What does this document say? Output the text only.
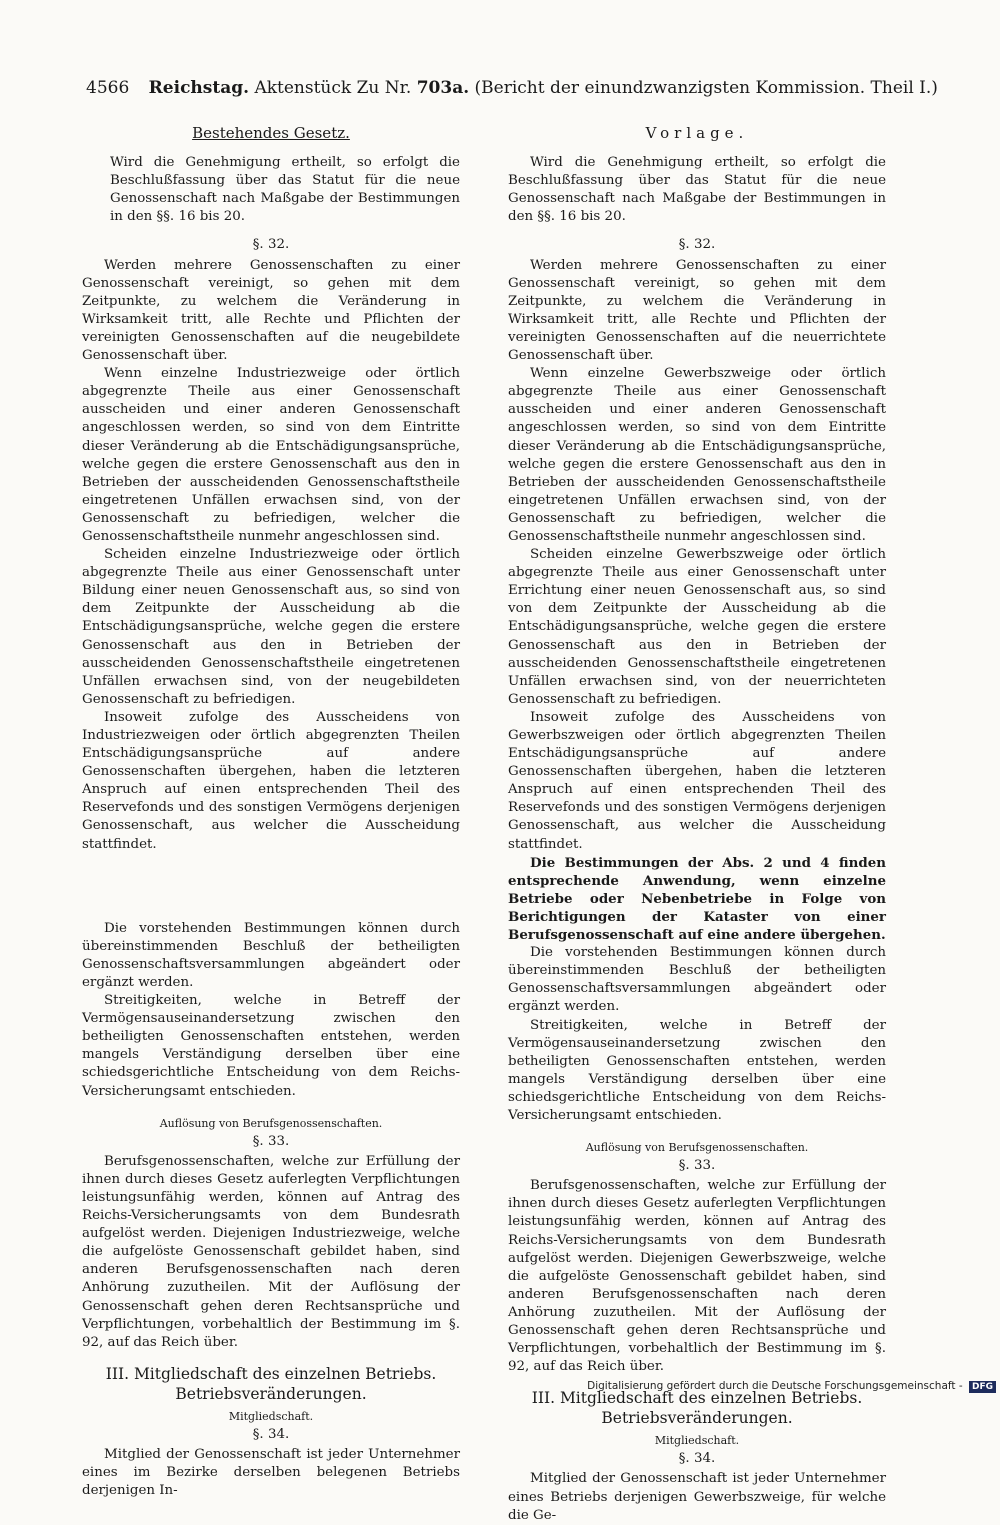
4566 Reichstag. Aktenstück Zu Nr. 703a. (Bericht der einundzwanzigsten Kommission. Theil I.)
Bestehendes Gesetz.

Wird die Genehmigung ertheilt, so erfolgt die Beschlußfassung über das Statut für die neue Genossenschaft nach Maßgabe der Bestimmungen in den §§. 16 bis 20.

§. 32.

Werden mehrere Genossenschaften zu einer Genossenschaft vereinigt, so gehen mit dem Zeitpunkte, zu welchem die Veränderung in Wirksamkeit tritt, alle Rechte und Pflichten der vereinigten Genossenschaften auf die neugebildete Genossenschaft über.

Wenn einzelne Industriezweige oder örtlich abgegrenzte Theile aus einer Genossenschaft ausscheiden und einer anderen Genossenschaft angeschlossen werden, so sind von dem Eintritte dieser Veränderung ab die Entschädigungsansprüche, welche gegen die erstere Genossenschaft aus den in Betrieben der ausscheidenden Genossenschaftstheile eingetretenen Unfällen erwachsen sind, von der Genossenschaft zu befriedigen, welcher die Genossenschaftstheile nunmehr angeschlossen sind.

Scheiden einzelne Industriezweige oder örtlich abgegrenzte Theile aus einer Genossenschaft unter Bildung einer neuen Genossenschaft aus, so sind von dem Zeitpunkte der Ausscheidung ab die Entschädigungsansprüche, welche gegen die erstere Genossenschaft aus den in Betrieben der ausscheidenden Genossenschaftstheile eingetretenen Unfällen erwachsen sind, von der neugebildeten Genossenschaft zu befriedigen.

Insoweit zufolge des Ausscheidens von Industriezweigen oder örtlich abgegrenzten Theilen Entschädigungsansprüche auf andere Genossenschaften übergehen, haben die letzteren Anspruch auf einen entsprechenden Theil des Reservefonds und des sonstigen Vermögens derjenigen Genossenschaft, aus welcher die Ausscheidung stattfindet.

Die vorstehenden Bestimmungen können durch übereinstimmenden Beschluß der betheiligten Genossenschaftsversammlungen abgeändert oder ergänzt werden.

Streitigkeiten, welche in Betreff der Vermögensauseinandersetzung zwischen den betheiligten Genossenschaften entstehen, werden mangels Verständigung derselben über eine schiedsgerichtliche Entscheidung von dem Reichs-Versicherungsamt entschieden.

Auflösung von Berufsgenossenschaften.
§. 33.

Berufsgenossenschaften, welche zur Erfüllung der ihnen durch dieses Gesetz auferlegten Verpflichtungen leistungsunfähig werden, können auf Antrag des Reichs-Versicherungsamts von dem Bundesrath aufgelöst werden. Diejenigen Industriezweige, welche die aufgelöste Genossenschaft gebildet haben, sind anderen Berufsgenossenschaften nach deren Anhörung zuzutheilen. Mit der Auflösung der Genossenschaft gehen deren Rechtsansprüche und Verpflichtungen, vorbehaltlich der Bestimmung im §. 92, auf das Reich über.

III. Mitgliedschaft des einzelnen Betriebs. Betriebsveränderungen.
Mitgliedschaft.
§. 34.

Mitglied der Genossenschaft ist jeder Unternehmer eines im Bezirke derselben belegenen Betriebs derjenigen In-

Vorlage.

Wird die Genehmigung ertheilt, so erfolgt die Beschlußfassung über das Statut für die neue Genossenschaft nach Maßgabe der Bestimmungen in den §§. 16 bis 20.

§. 32.

Werden mehrere Genossenschaften zu einer Genossenschaft vereinigt, so gehen mit dem Zeitpunkte, zu welchem die Veränderung in Wirksamkeit tritt, alle Rechte und Pflichten der vereinigten Genossenschaften auf die neuerrichtete Genossenschaft über.

Wenn einzelne Gewerbszweige oder örtlich abgegrenzte Theile aus einer Genossenschaft ausscheiden und einer anderen Genossenschaft angeschlossen werden, so sind von dem Eintritte dieser Veränderung ab die Entschädigungsansprüche, welche gegen die erstere Genossenschaft aus den in Betrieben der ausscheidenden Genossenschaftstheile eingetretenen Unfällen erwachsen sind, von der Genossenschaft zu befriedigen, welcher die Genossenschaftstheile nunmehr angeschlossen sind.

Scheiden einzelne Gewerbszweige oder örtlich abgegrenzte Theile aus einer Genossenschaft unter Errichtung einer neuen Genossenschaft aus, so sind von dem Zeitpunkte der Ausscheidung ab die Entschädigungsansprüche, welche gegen die erstere Genossenschaft aus den in Betrieben der ausscheidenden Genossenschaftstheile eingetretenen Unfällen erwachsen sind, von der neuerrichteten Genossenschaft zu befriedigen.

Insoweit zufolge des Ausscheidens von Gewerbszweigen oder örtlich abgegrenzten Theilen Entschädigungsansprüche auf andere Genossenschaften übergehen, haben die letzteren Anspruch auf einen entsprechenden Theil des Reservefonds und des sonstigen Vermögens derjenigen Genossenschaft, aus welcher die Ausscheidung stattfindet.

Die Bestimmungen der Abs. 2 und 4 finden entsprechende Anwendung, wenn einzelne Betriebe oder Nebenbetriebe in Folge von Berichtigungen der Kataster von einer Berufsgenossenschaft auf eine andere übergehen.

Die vorstehenden Bestimmungen können durch übereinstimmenden Beschluß der betheiligten Genossenschaftsversammlungen abgeändert oder ergänzt werden.

Streitigkeiten, welche in Betreff der Vermögensauseinandersetzung zwischen den betheiligten Genossenschaften entstehen, werden mangels Verständigung derselben über eine schiedsgerichtliche Entscheidung von dem Reichs-Versicherungsamt entschieden.

Auflösung von Berufsgenossenschaften.
§. 33.

Berufsgenossenschaften, welche zur Erfüllung der ihnen durch dieses Gesetz auferlegten Verpflichtungen leistungsunfähig werden, können auf Antrag des Reichs-Versicherungsamts von dem Bundesrath aufgelöst werden. Diejenigen Gewerbszweige, welche die aufgelöste Genossenschaft gebildet haben, sind anderen Berufsgenossenschaften nach deren Anhörung zuzutheilen. Mit der Auflösung der Genossenschaft gehen deren Rechtsansprüche und Verpflichtungen, vorbehaltlich der Bestimmung im §. 92, auf das Reich über.

III. Mitgliedschaft des einzelnen Betriebs. Betriebsveränderungen.
Mitgliedschaft.
§. 34.

Mitglied der Genossenschaft ist jeder Unternehmer eines Betriebs derjenigen Gewerbszweige, für welche die Ge-

Digitalisierung gefördert durch die Deutsche Forschungsgemeinschaft - DFG
